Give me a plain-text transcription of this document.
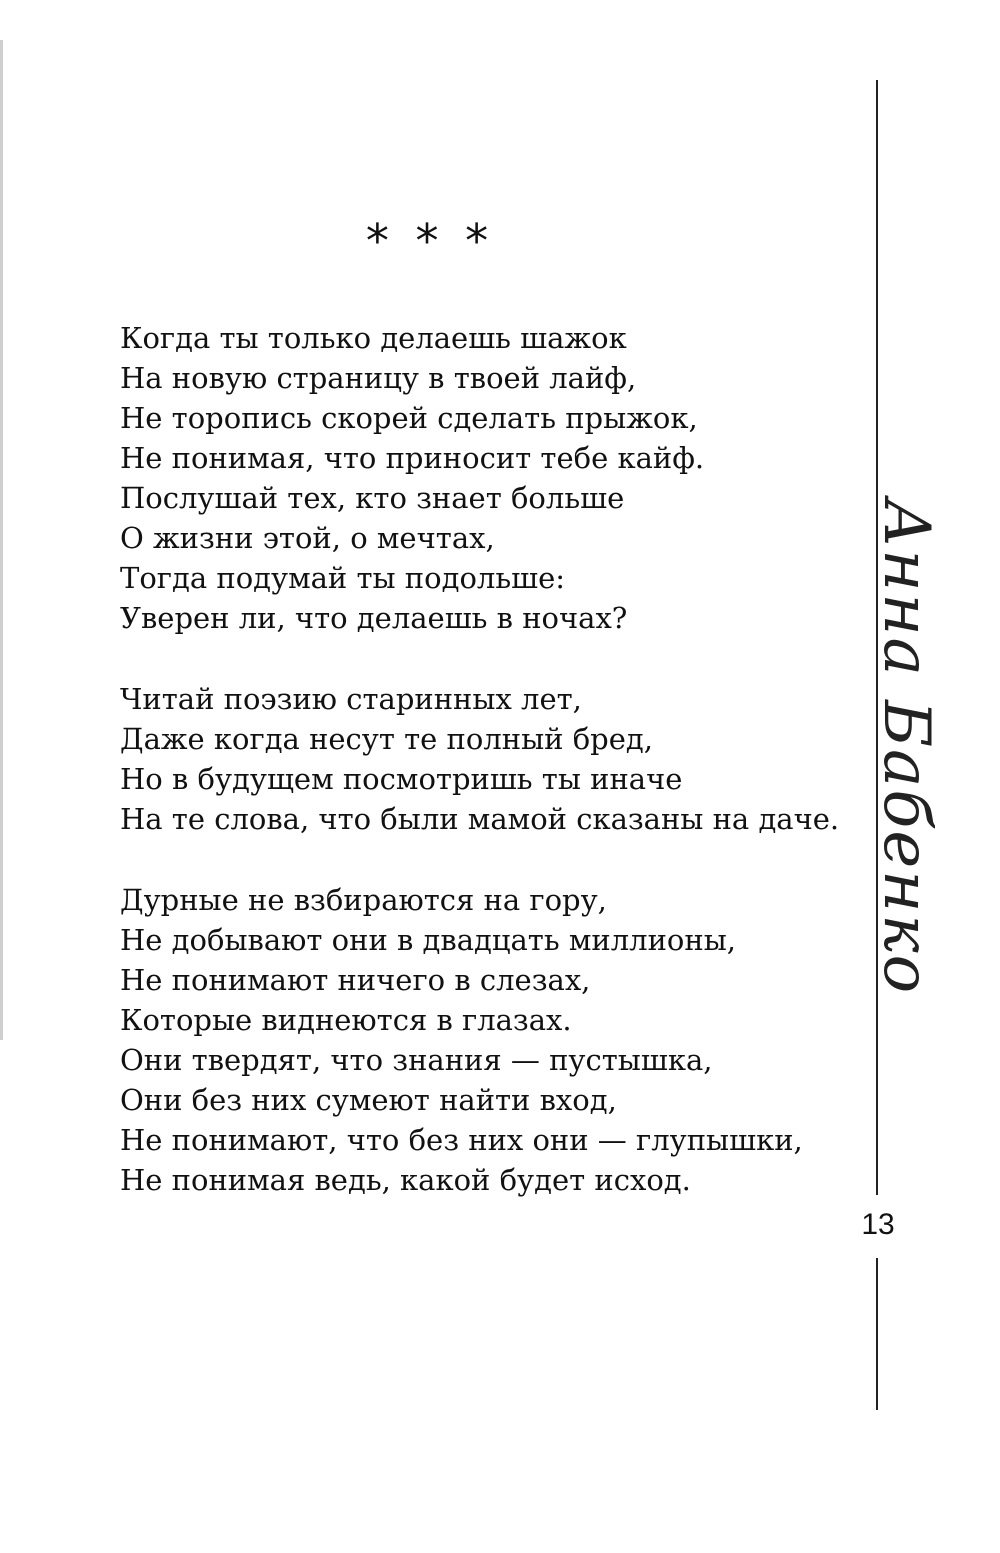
* * *
Когда ты только делаешь шажок
На новую страницу в твоей лайф,
Не торопись скорей сделать прыжок,
Не понимая, что приносит тебе кайф.
Послушай тех, кто знает больше
О жизни этой, о мечтах,
Тогда подумай ты подольше:
Уверен ли, что делаешь в ночах?
Читай поэзию старинных лет,
Даже когда несут те полный бред,
Но в будущем посмотришь ты иначе
На те слова, что были мамой сказаны на даче.
Дурные не взбираются на гору,
Не добывают они в двадцать миллионы,
Не понимают ничего в слезах,
Которые виднеются в глазах.
Они твердят, что знания — пустышка,
Они без них сумеют найти вход,
Не понимают, что без них они — глупышки,
Не понимая ведь, какой будет исход.
Анна Бабенко
13
